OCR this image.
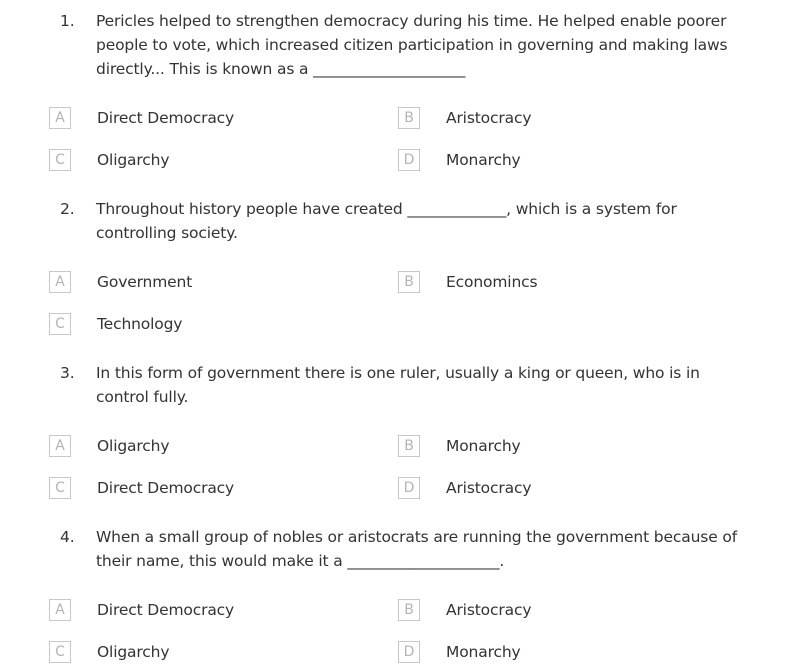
1. Pericles helped to strengthen democracy during his time. He helped enable poorer people to vote, which increased citizen participation in governing and making laws directly... This is known as a ____________________
A	Direct Democracy	B	Aristocracy
C	Oligarchy	D	Monarchy
2. Throughout history people have created _____________, which is a system for controlling society.
A	Government	B	Economincs
C	Technology
3. In this form of government there is one ruler, usually a king or queen, who is in control fully.
A	Oligarchy	B	Monarchy
C	Direct Democracy	D	Aristocracy
4. When a small group of nobles or aristocrats are running the government because of their name, this would make it a ____________________.
A	Direct Democracy	B	Aristocracy
C	Oligarchy	D	Monarchy
